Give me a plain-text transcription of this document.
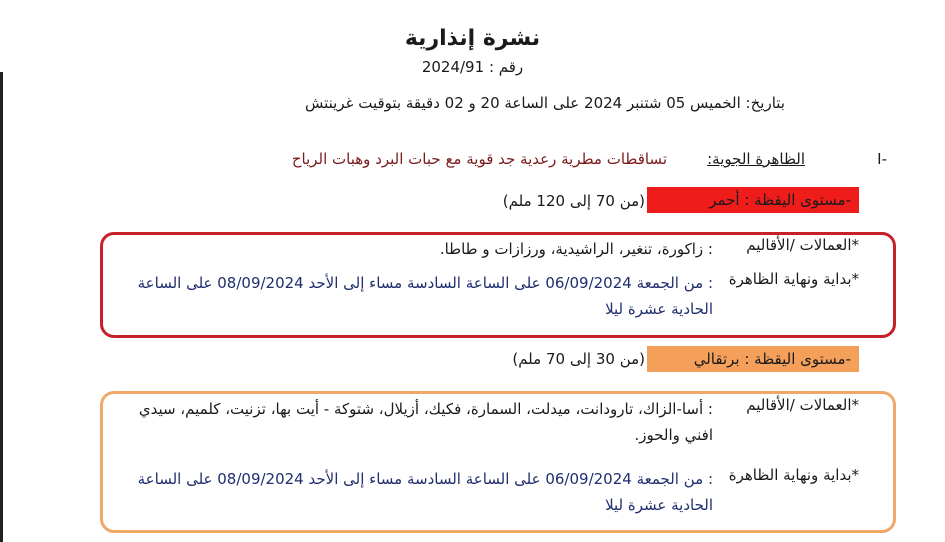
نشرة إنذارية
رقم : 2024/91
بتاريخ: الخميس 05 شتنبر 2024 على الساعة 20 و 02 دقيقة بتوقيت غرينتش
I-
الظاهرة الجوية:
تساقطات مطرية رعدية جد قوية مع حبات البرد وهبات الرياح
-مستوى اليقظة : أحمر
(من 70 إلى 120 ملم)
*العمالات /الأقاليم
: زاكورة، تنغير، الراشيدية، ورزازات و طاطا.
*بداية ونهاية الظاهرة
: من الجمعة 06/09/2024 على الساعة السادسة مساء إلى الأحد 08/09/2024 على الساعة الحادية عشرة ليلا
-مستوى اليقظة : برتقالي
(من 30 إلى 70 ملم)
*العمالات /الأقاليم
: أسا-الزاك، تارودانت، ميدلت، السمارة، فكيك، أزيلال، شتوكة - أيت بها، تزنيت، كلميم، سيدي افني والحوز.
*بداية ونهاية الظاهرة
: من الجمعة 06/09/2024 على الساعة السادسة مساء إلى الأحد 08/09/2024 على الساعة الحادية عشرة ليلا
